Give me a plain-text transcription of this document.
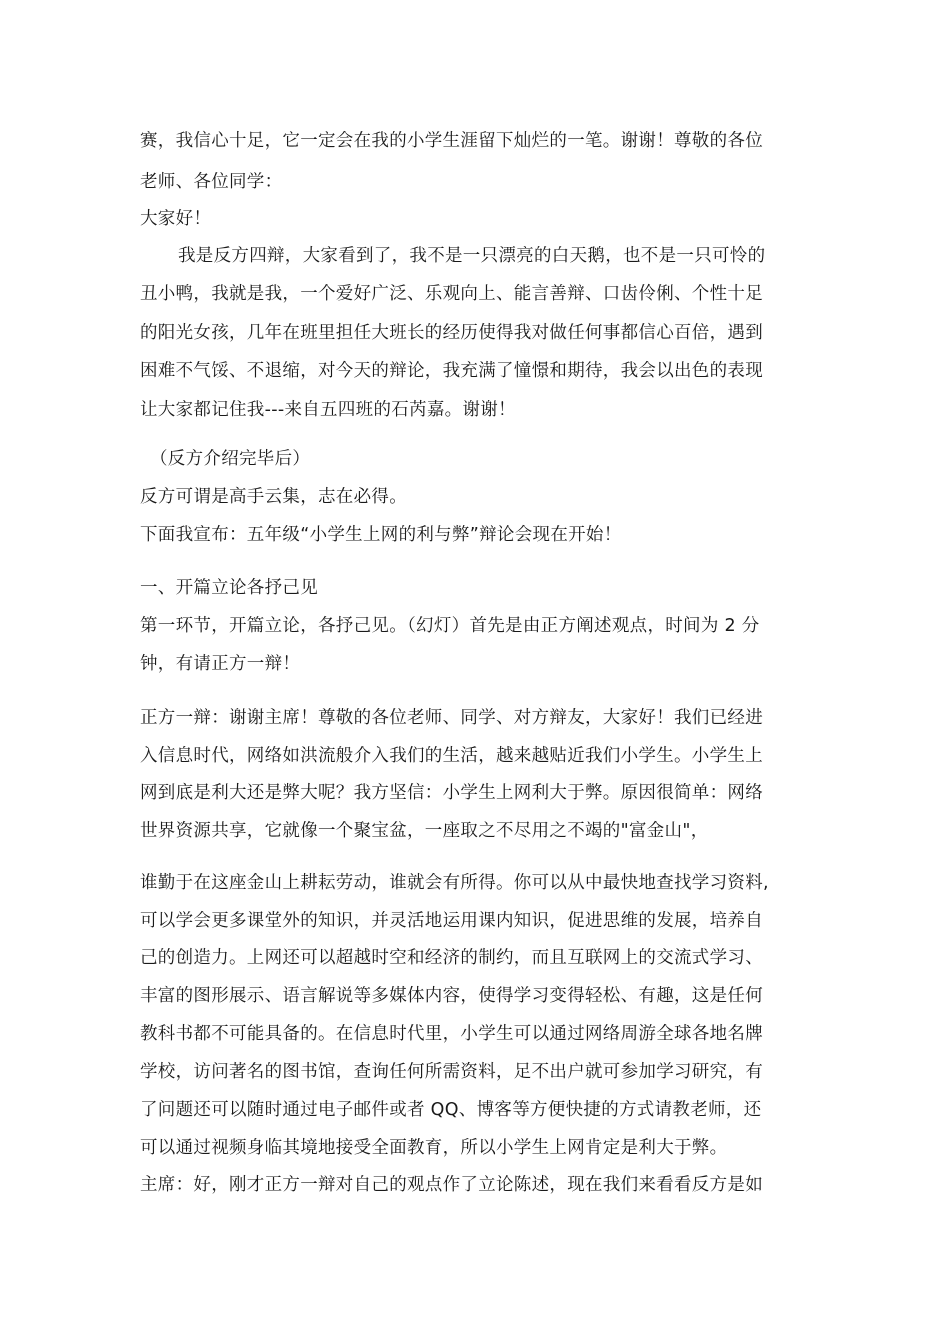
赛，我信心十足，它一定会在我的小学生涯留下灿烂的一笔。谢谢！尊敬的各位
老师、各位同学：
大家好！
我是反方四辩，大家看到了，我不是一只漂亮的白天鹅，也不是一只可怜的
丑小鸭，我就是我，一个爱好广泛、乐观向上、能言善辩、口齿伶俐、个性十足
的阳光女孩，几年在班里担任大班长的经历使得我对做任何事都信心百倍，遇到
困难不气馁、不退缩，对今天的辩论，我充满了憧憬和期待，我会以出色的表现
让大家都记住我---来自五四班的石芮嘉。谢谢！
（反方介绍完毕后）
反方可谓是高手云集，志在必得。
下面我宣布：五年级“小学生上网的利与弊”辩论会现在开始！
一、开篇立论各抒己见
第一环节，开篇立论，各抒己见。（幻灯）首先是由正方阐述观点，时间为 2 分
钟，有请正方一辩！
正方一辩：谢谢主席！尊敬的各位老师、同学、对方辩友，大家好！我们已经进
入信息时代，网络如洪流般介入我们的生活，越来越贴近我们小学生。小学生上
网到底是利大还是弊大呢？我方坚信：小学生上网利大于弊。原因很简单：网络
世界资源共享，它就像一个聚宝盆，一座取之不尽用之不竭的"富金山"，
谁勤于在这座金山上耕耘劳动，谁就会有所得。你可以从中最快地查找学习资料,
可以学会更多课堂外的知识，并灵活地运用课内知识，促进思维的发展，培养自
己的创造力。上网还可以超越时空和经济的制约，而且互联网上的交流式学习、
丰富的图形展示、语言解说等多媒体内容，使得学习变得轻松、有趣，这是任何
教科书都不可能具备的。在信息时代里，小学生可以通过网络周游全球各地名牌
学校，访问著名的图书馆，查询任何所需资料，足不出户就可参加学习研究，有
了问题还可以随时通过电子邮件或者 QQ、博客等方便快捷的方式请教老师，还
可以通过视频身临其境地接受全面教育，所以小学生上网肯定是利大于弊。
主席：好，刚才正方一辩对自己的观点作了立论陈述，现在我们来看看反方是如
